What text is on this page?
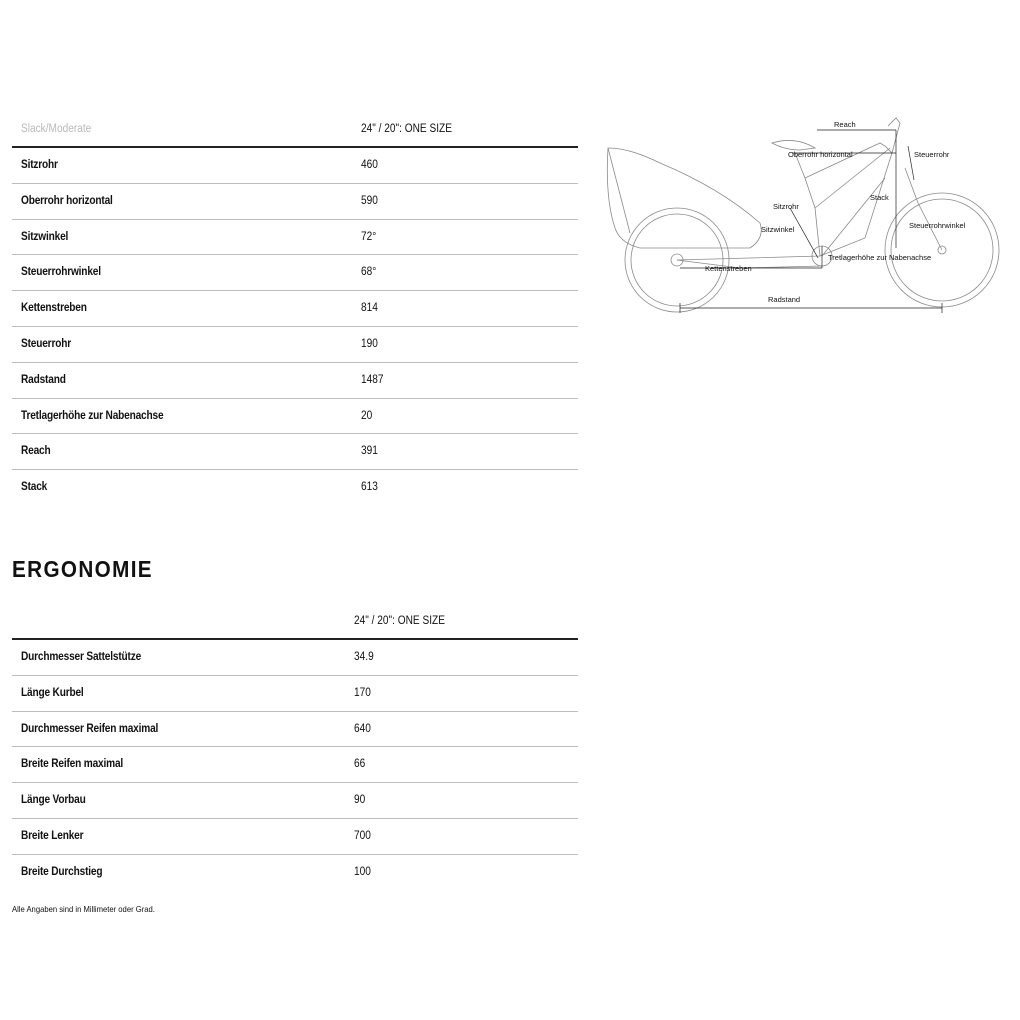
Slack/Moderate	24" / 20": ONE SIZE
Sitzrohr	460
Oberrohr horizontal	590
Sitzwinkel	72°
Steuerrohrwinkel	68°
Kettenstreben	814
Steuerrohr	190
Radstand	1487
Tretlagerhöhe zur Nabenachse	20
Reach	391
Stack	613
ERGONOMIE
24" / 20": ONE SIZE
Durchmesser Sattelstütze	34.9
Länge Kurbel	170
Durchmesser Reifen maximal	640
Breite Reifen maximal	66
Länge Vorbau	90
Breite Lenker	700
Breite Durchstieg	100
Alle Angaben sind in Millimeter oder Grad.
Reach
Oberrohr horizontal	Steuerrohr
Stack
Sitzrohr
Sitzwinkel	Steuerrohrwinkel
Tretlagerhöhe zur Nabenachse
Kettenstreben
Radstand
